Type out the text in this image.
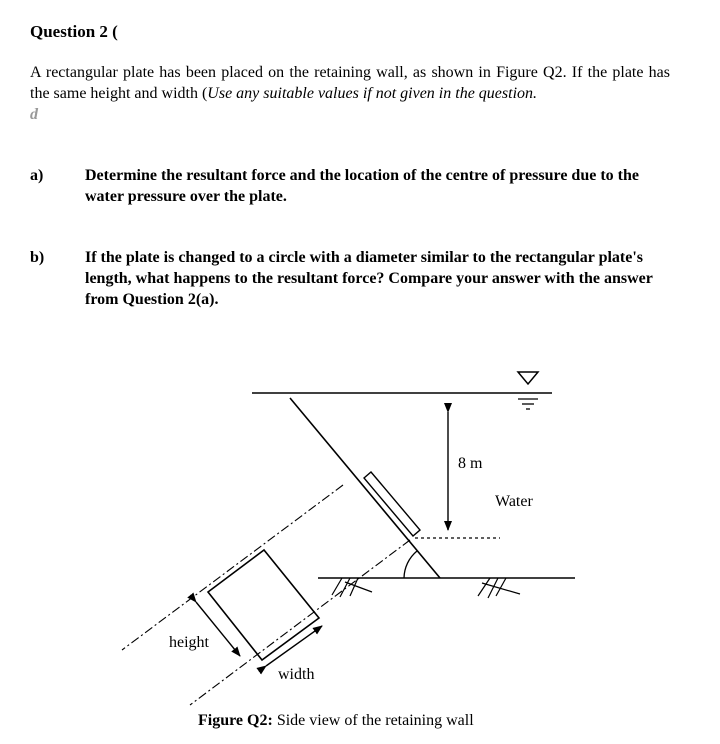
Question 2 (
A rectangular plate has been placed on the retaining wall, as shown in Figure Q2. If the plate has the same height and width (Use any suitable values if not given in the question.
d
a)	Determine the resultant force and the location of the centre of pressure due to the water pressure over the plate.
b)	If the plate is changed to a circle with a diameter similar to the rectangular plate's length, what happens to the resultant force? Compare your answer with the answer from Question 2(a).
8 m
Water
height
width
Figure Q2: Side view of the retaining wall
